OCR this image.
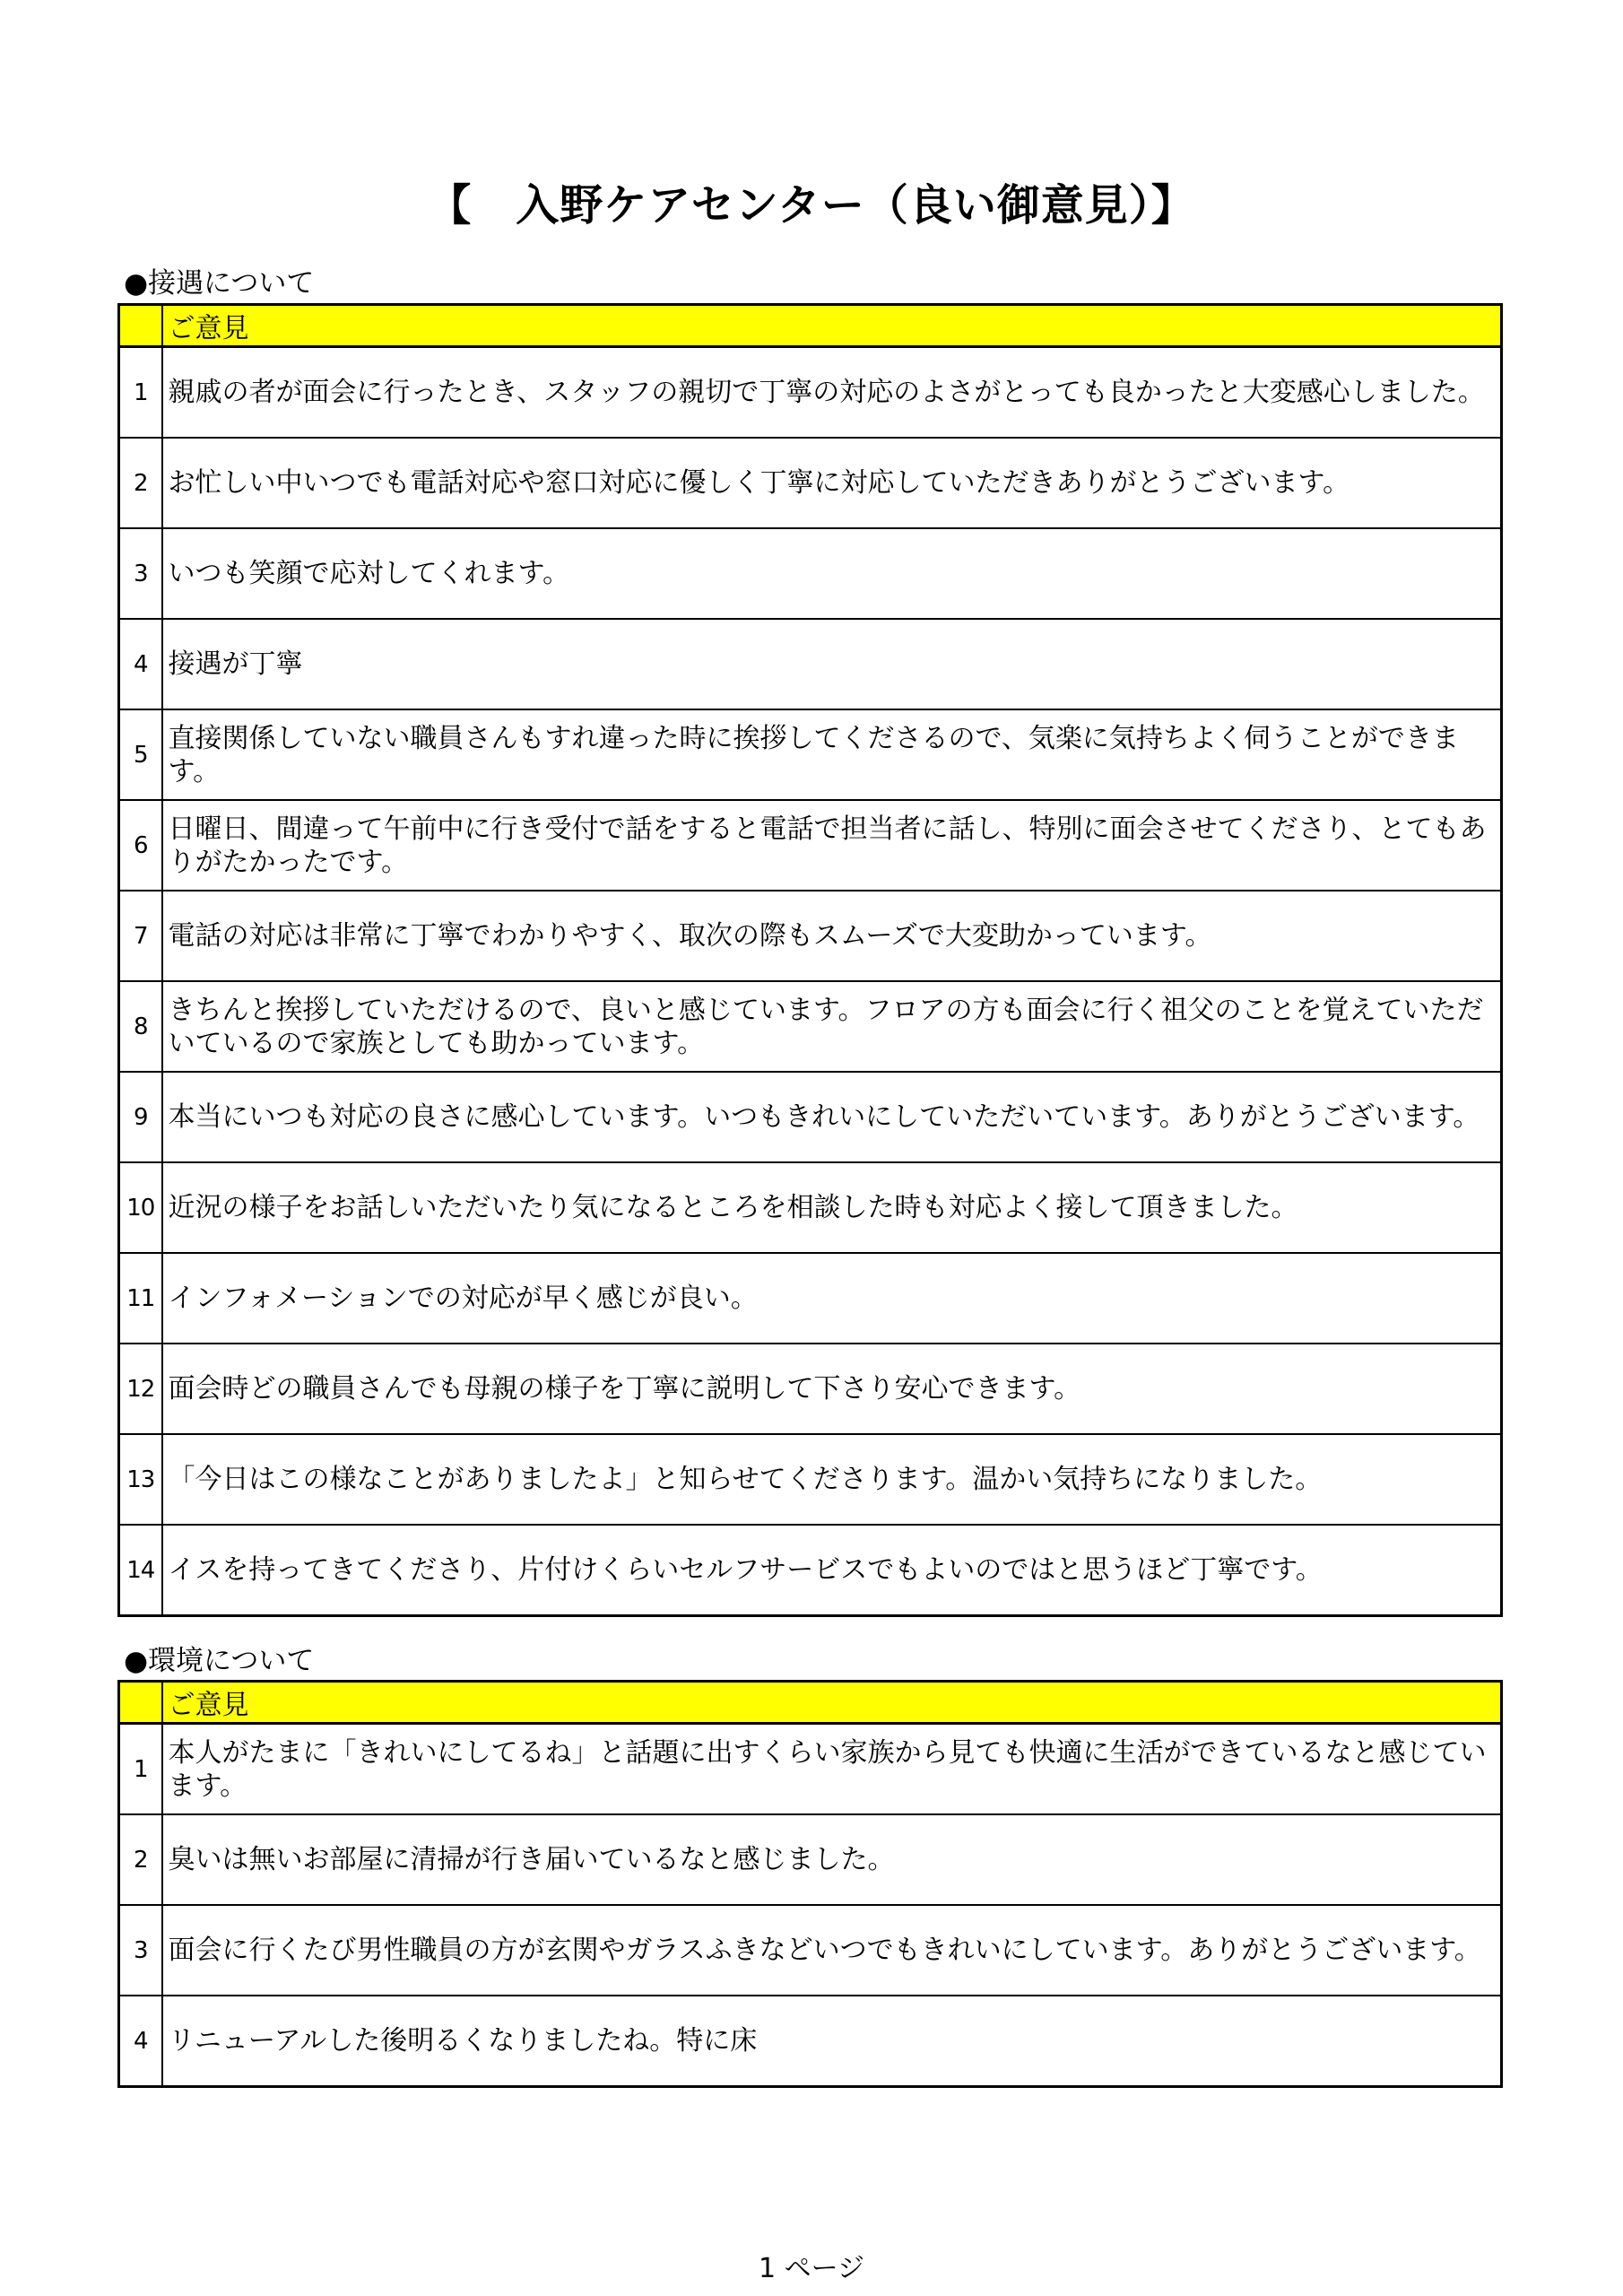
【　入野ケアセンター（良い御意見）】
●接遇について
	ご意見
1	親戚の者が面会に行ったとき、スタッフの親切で丁寧の対応のよさがとっても良かったと大変感心しました。
2	お忙しい中いつでも電話対応や窓口対応に優しく丁寧に対応していただきありがとうございます。
3	いつも笑顔で応対してくれます。
4	接遇が丁寧
5	直接関係していない職員さんもすれ違った時に挨拶してくださるので、気楽に気持ちよく伺うことができます。
6	日曜日、間違って午前中に行き受付で話をすると電話で担当者に話し、特別に面会させてくださり、とてもありがたかったです。
7	電話の対応は非常に丁寧でわかりやすく、取次の際もスムーズで大変助かっています。
8	きちんと挨拶していただけるので、良いと感じています。フロアの方も面会に行く祖父のことを覚えていただいているので家族としても助かっています。
9	本当にいつも対応の良さに感心しています。いつもきれいにしていただいています。ありがとうございます。
10	近況の様子をお話しいただいたり気になるところを相談した時も対応よく接して頂きました。
11	インフォメーションでの対応が早く感じが良い。
12	面会時どの職員さんでも母親の様子を丁寧に説明して下さり安心できます。
13	「今日はこの様なことがありましたよ」と知らせてくださります。温かい気持ちになりました。
14	イスを持ってきてくださり、片付けくらいセルフサービスでもよいのではと思うほど丁寧です。
●環境について
	ご意見
1	本人がたまに「きれいにしてるね」と話題に出すくらい家族から見ても快適に生活ができているなと感じています。
2	臭いは無いお部屋に清掃が行き届いているなと感じました。
3	面会に行くたび男性職員の方が玄関やガラスふきなどいつでもきれいにしています。ありがとうございます。
4	リニューアルした後明るくなりましたね。特に床
1 ページ
